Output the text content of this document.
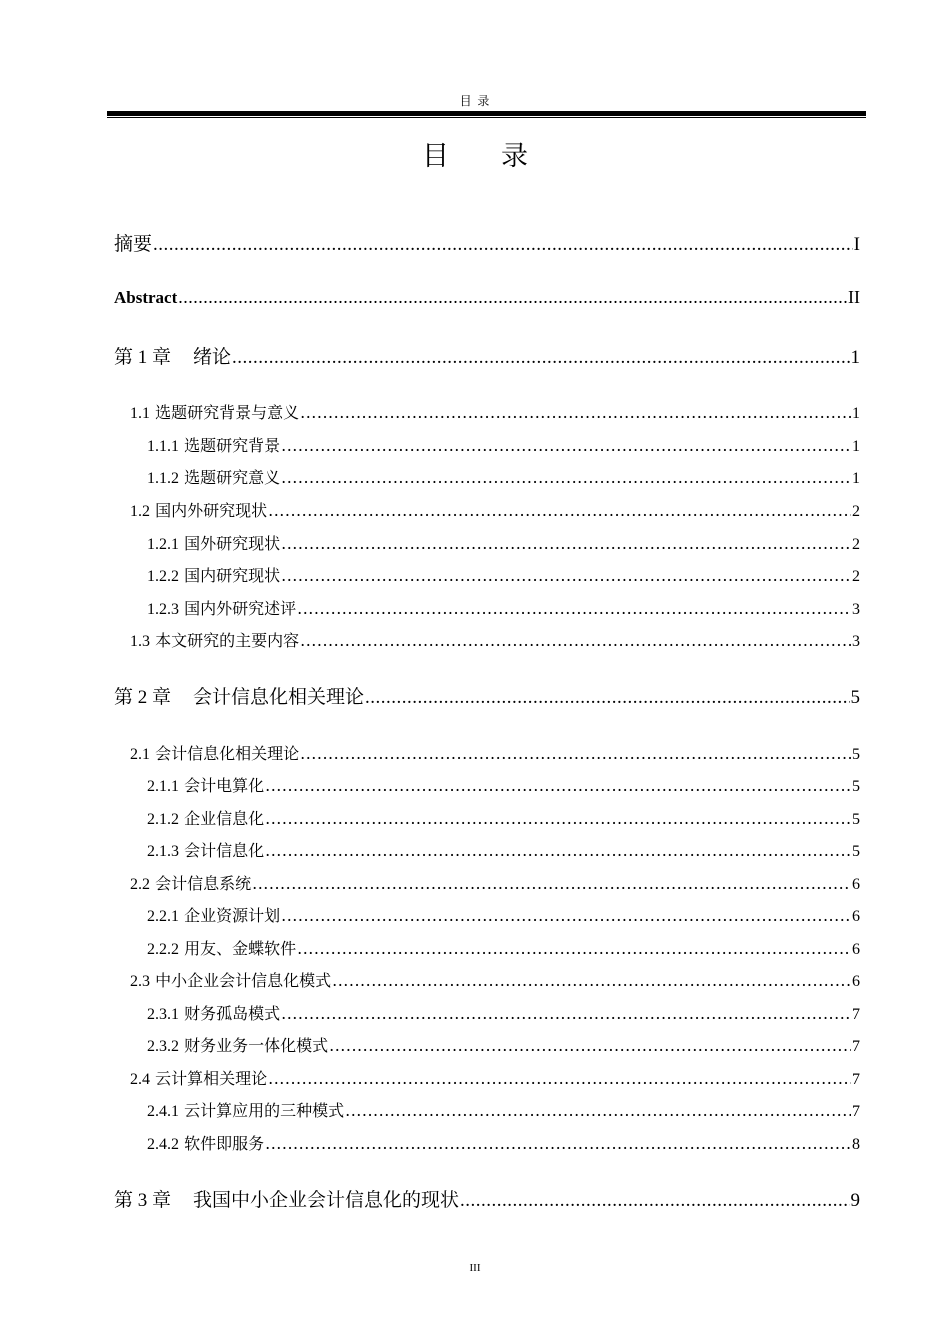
目 录
目 录
摘要 .....	I
Abstract .....	II
第 1 章 绪论 .....	1
1.1 选题研究背景与意义 .....	1
1.1.1 选题研究背景 .....	1
1.1.2 选题研究意义 .....	1
1.2 国内外研究现状 .....	2
1.2.1 国外研究现状 .....	2
1.2.2 国内研究现状 .....	2
1.2.3 国内外研究述评 .....	3
1.3 本文研究的主要内容 .....	3
第 2 章 会计信息化相关理论 .....	5
2.1 会计信息化相关理论 .....	5
2.1.1 会计电算化 .....	5
2.1.2 企业信息化 .....	5
2.1.3 会计信息化 .....	5
2.2 会计信息系统 .....	6
2.2.1 企业资源计划 .....	6
2.2.2 用友、金蝶软件 .....	6
2.3 中小企业会计信息化模式 .....	6
2.3.1 财务孤岛模式 .....	7
2.3.2 财务业务一体化模式 .....	7
2.4 云计算相关理论 .....	7
2.4.1 云计算应用的三种模式 .....	7
2.4.2 软件即服务 .....	8
第 3 章 我国中小企业会计信息化的现状 .....	9
III
